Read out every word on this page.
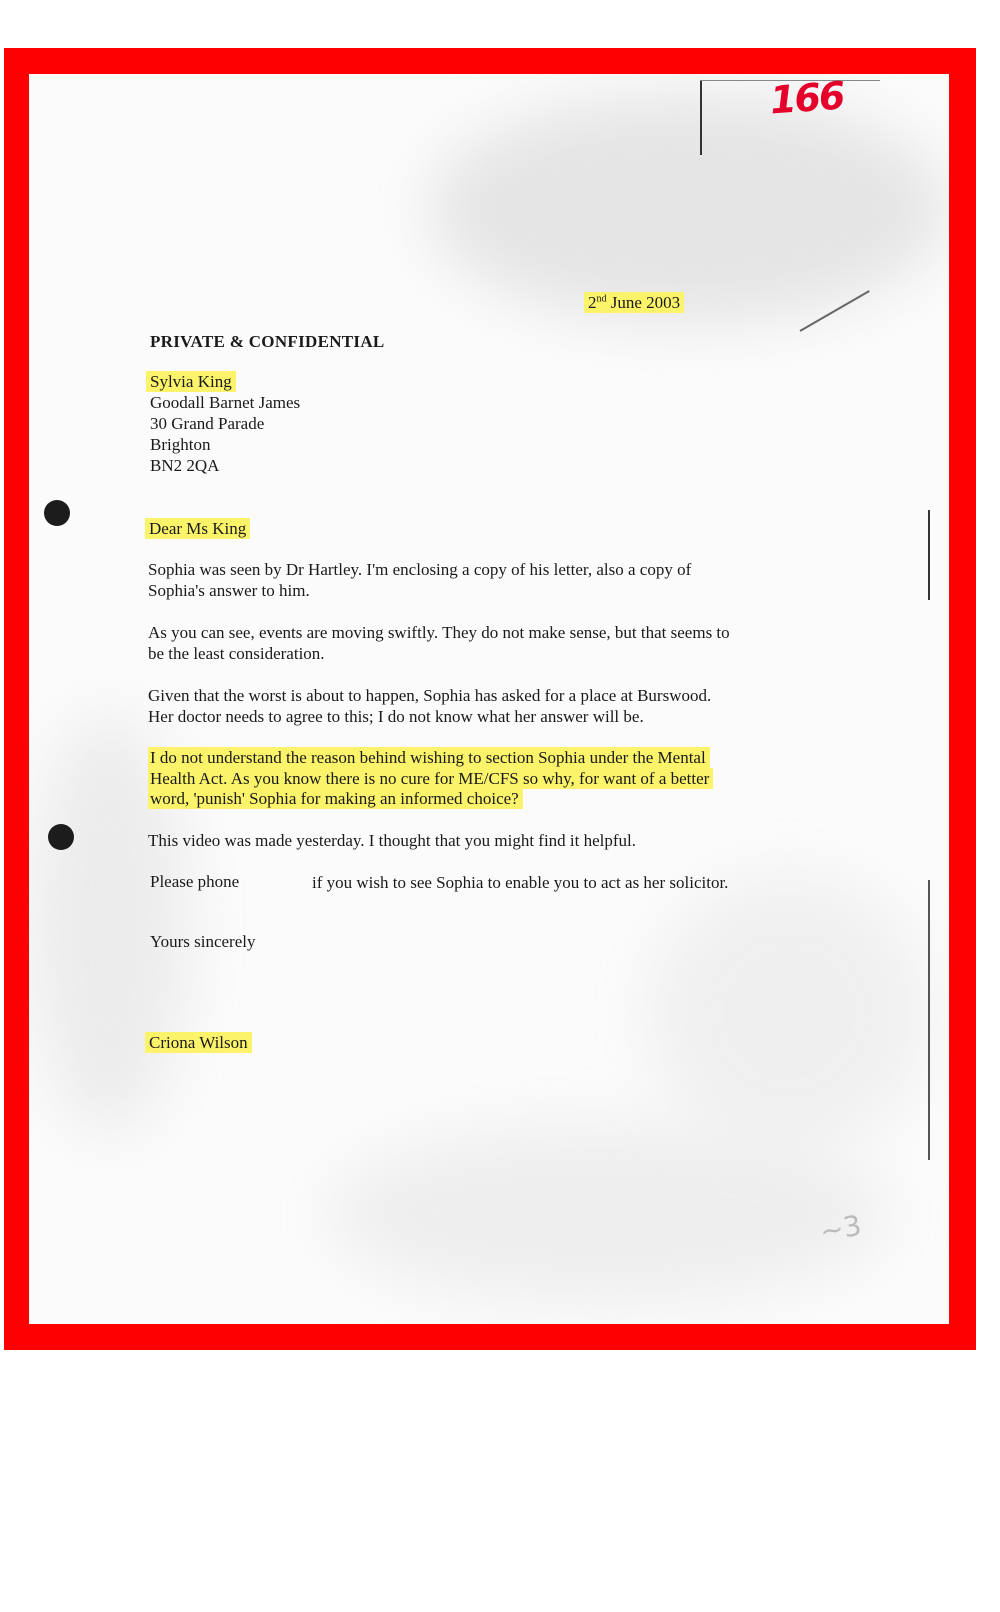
166
~3
2nd June 2003
PRIVATE & CONFIDENTIAL
Sylvia King
Goodall Barnet James
30 Grand Parade
Brighton
BN2 2QA
Dear Ms King
Sophia was seen by Dr Hartley. I'm enclosing a copy of his letter, also a copy of
Sophia's answer to him.
As you can see, events are moving swiftly. They do not make sense, but that seems to
be the least consideration.
Given that the worst is about to happen, Sophia has asked for a place at Burswood.
Her doctor needs to agree to this; I do not know what her answer will be.
I do not understand the reason behind wishing to section Sophia under the Mental
Health Act. As you know there is no cure for ME/CFS so why, for want of a better
word, 'punish' Sophia for making an informed choice?
This video was made yesterday. I thought that you might find it helpful.
Please phone	if you wish to see Sophia to enable you to act as her solicitor.
Yours sincerely
Criona Wilson
